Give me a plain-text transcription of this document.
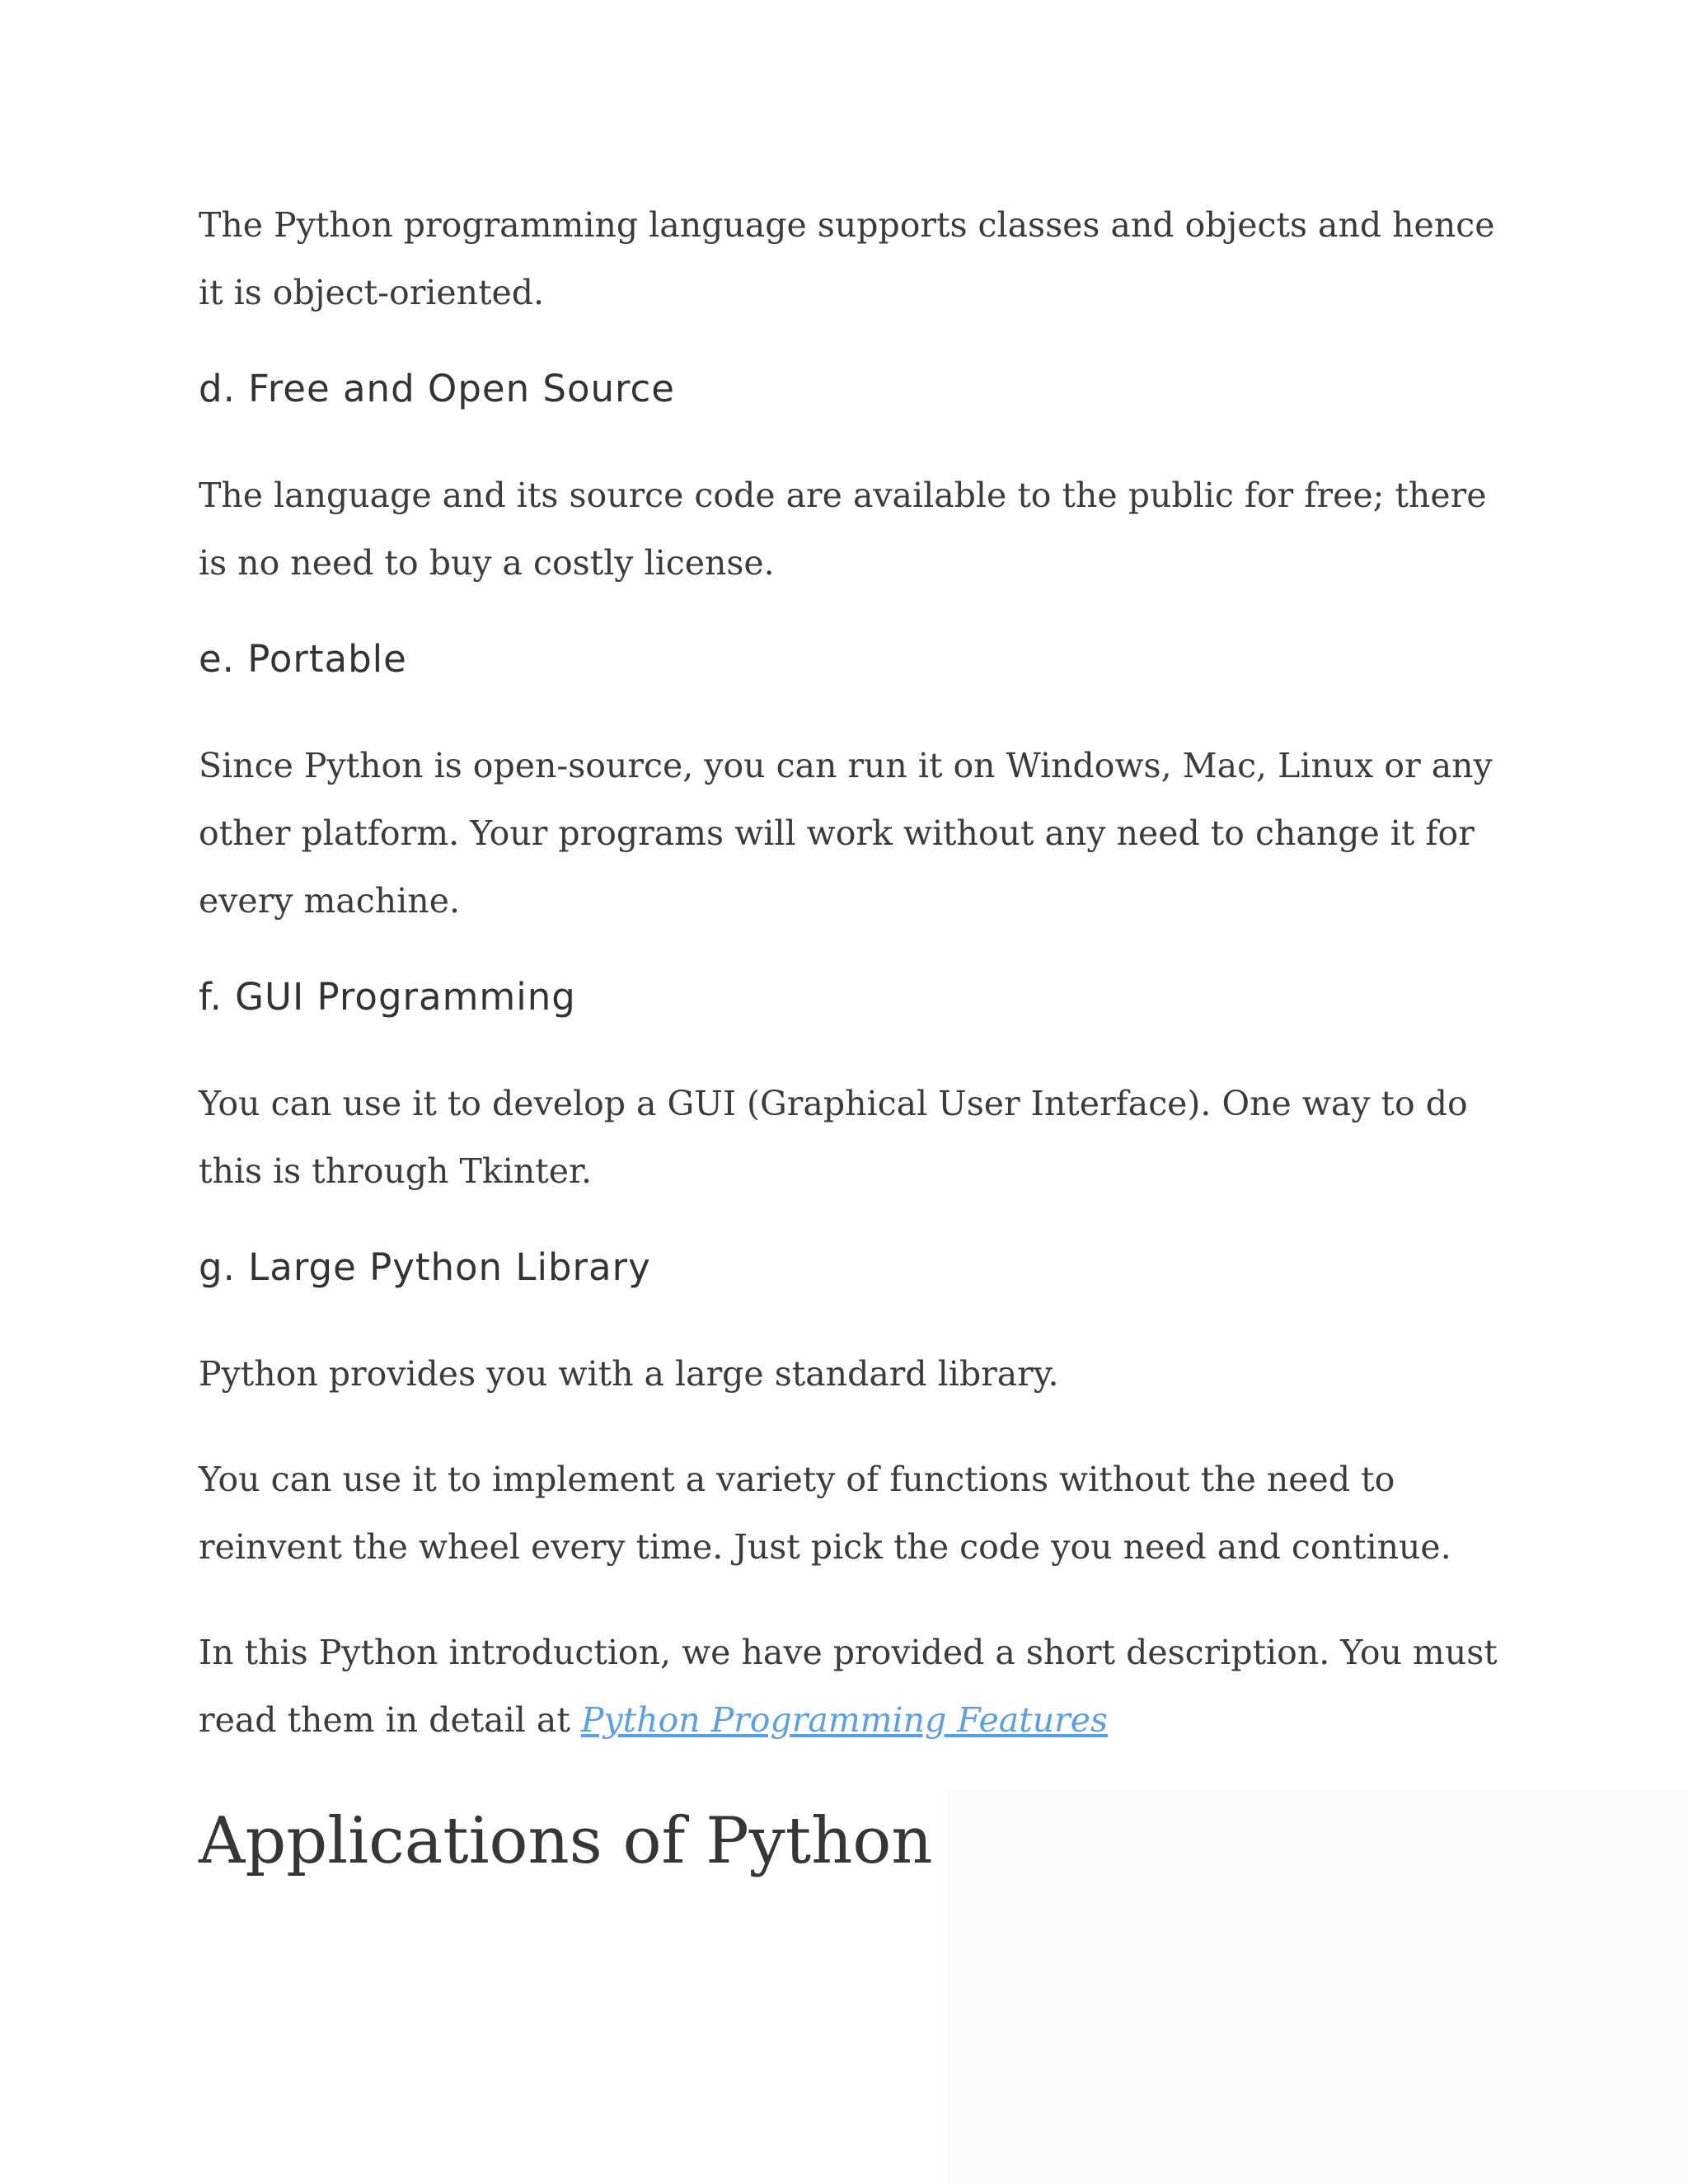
The Python programming language supports classes and objects and hence it is object-oriented.

d. Free and Open Source

The language and its source code are available to the public for free; there is no need to buy a costly license.

e. Portable

Since Python is open-source, you can run it on Windows, Mac, Linux or any other platform. Your programs will work without any need to change it for every machine.

f. GUI Programming

You can use it to develop a GUI (Graphical User Interface). One way to do this is through Tkinter.

g. Large Python Library

Python provides you with a large standard library.

You can use it to implement a variety of functions without the need to reinvent the wheel every time. Just pick the code you need and continue.

In this Python introduction, we have provided a short description. You must read them in detail at Python Programming Features

Applications of Python
